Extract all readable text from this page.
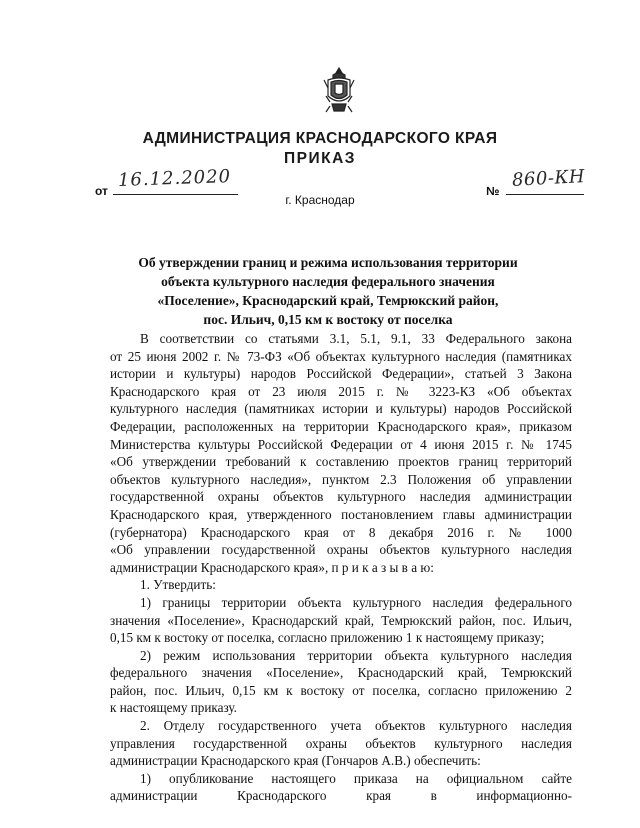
АДМИНИСТРАЦИЯ КРАСНОДАРСКОГО КРАЯ
ПРИКАЗ
от
16.12.2020
№
860-КН
г. Краснодар
Об утверждении границ и режима использования территории
объекта культурного наследия федерального значения
«Поселение», Краснодарский край, Темрюкский район,
пос. Ильич, 0,15 км к востоку от поселка
В соответствии со статьями 3.1, 5.1, 9.1, 33 Федерального закона
от 25 июня 2002 г. № 73-ФЗ «Об объектах культурного наследия (памятниках
истории и культуры) народов Российской Федерации», статьей 3 Закона
Краснодарского края от 23 июля 2015 г. № 3223-КЗ «Об объектах
культурного наследия (памятниках истории и культуры) народов Российской
Федерации, расположенных на территории Краснодарского края», приказом
Министерства культуры Российской Федерации от 4 июня 2015 г. № 1745
«Об утверждении требований к составлению проектов границ территорий
объектов культурного наследия», пунктом 2.3 Положения об управлении
государственной охраны объектов культурного наследия администрации
Краснодарского края, утвержденного постановлением главы администрации
(губернатора) Краснодарского края от 8 декабря 2016 г. № 1000
«Об управлении государственной охраны объектов культурного наследия
администрации Краснодарского края», п р и к а з ы в а ю:
1. Утвердить:
1) границы территории объекта культурного наследия федерального
значения «Поселение», Краснодарский край, Темрюкский район, пос. Ильич,
0,15 км к востоку от поселка, согласно приложению 1 к настоящему приказу;
2) режим использования территории объекта культурного наследия
федерального значения «Поселение», Краснодарский край, Темрюкский
район, пос. Ильич, 0,15 км к востоку от поселка, согласно приложению 2
к настоящему приказу.
2. Отделу государственного учета объектов культурного наследия
управления государственной охраны объектов культурного наследия
администрации Краснодарского края (Гончаров А.В.) обеспечить:
1) опубликование настоящего приказа на официальном сайте
администрации Краснодарского края в информационно-
